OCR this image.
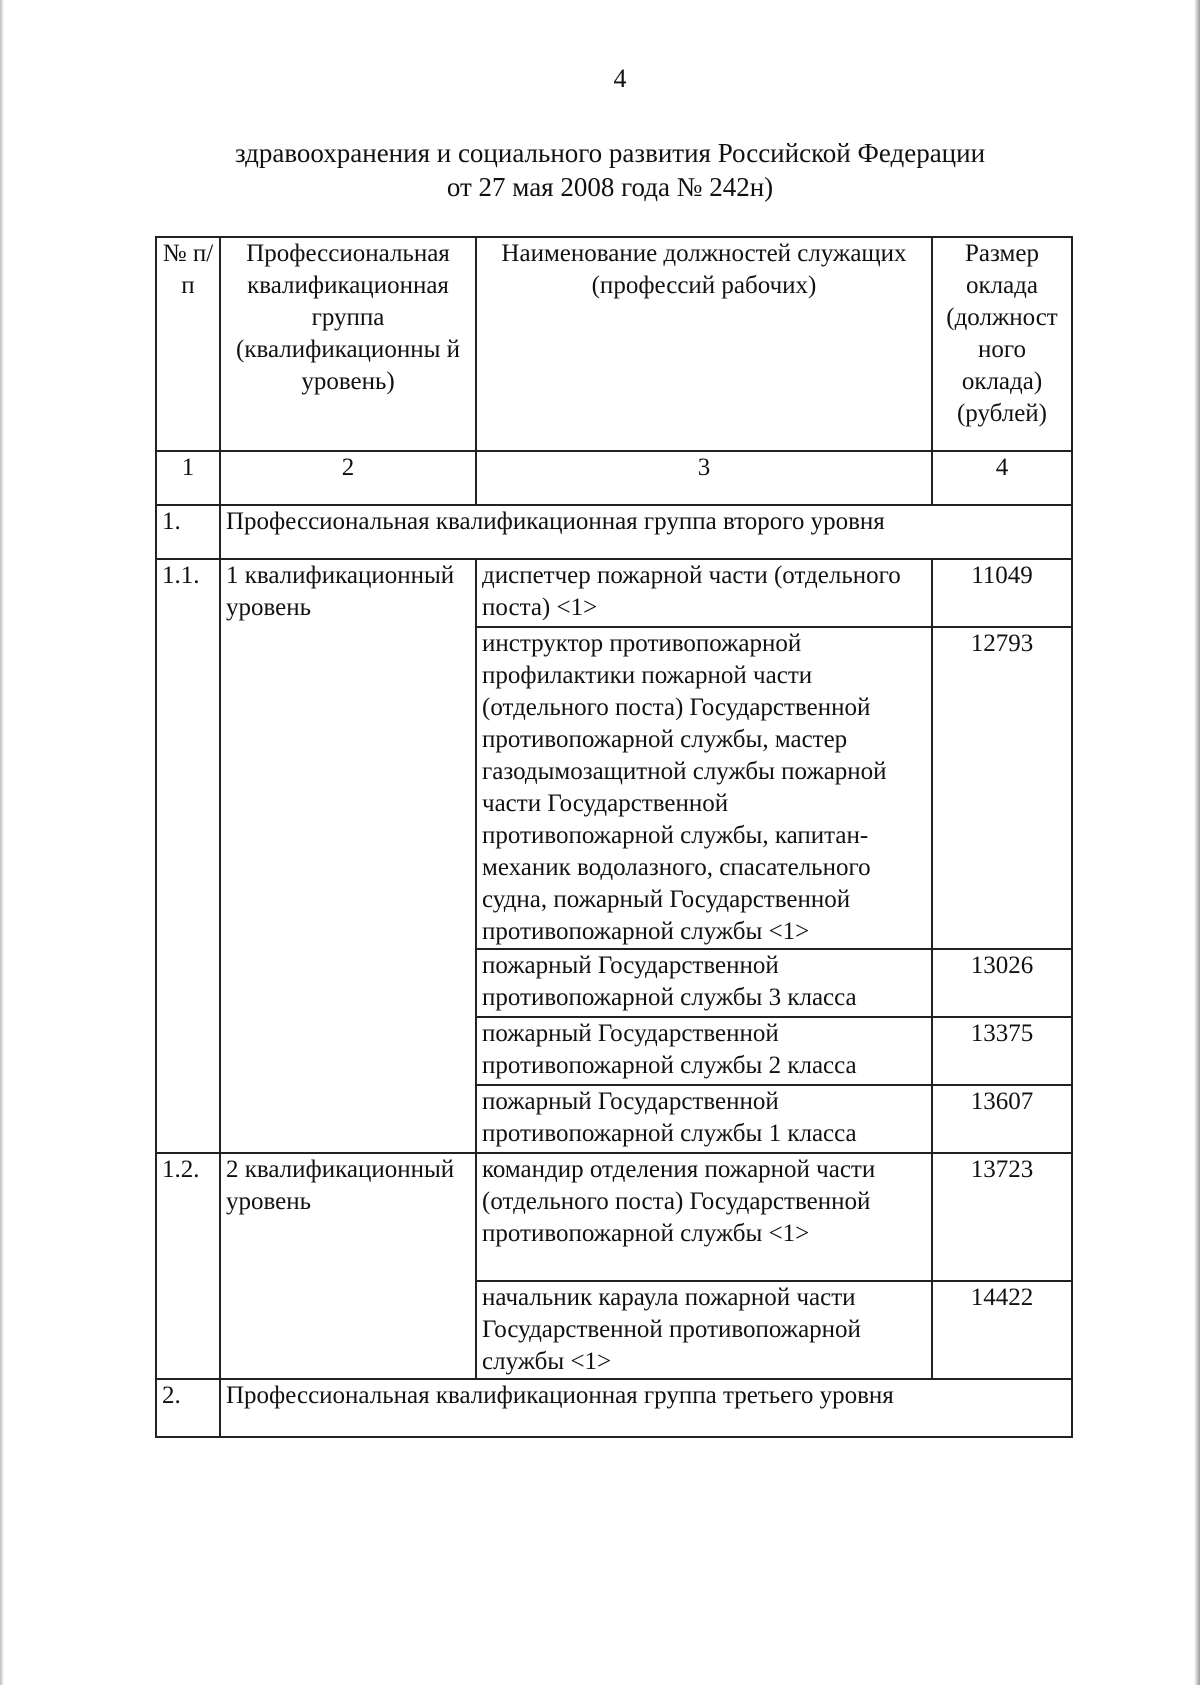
4
здравоохранения и социального развития Российской Федерации
от 27 мая 2008 года № 242н)
№ п/п	Профессиональная квалификационная группа (квалификационны й уровень)	Наименование должностей служащих (профессий рабочих)	Размер оклада (должност ного оклада) (рублей)
1	2	3	4
1.	Профессиональная квалификационная группа второго уровня		
1.1.	1 квалификационный уровень	диспетчер пожарной части (отдельного поста) <1>	11049
		инструктор противопожарной профилактики пожарной части (отдельного поста) Государственной противопожарной службы, мастер газодымозащитной службы пожарной части Государственной противопожарной службы, капитан-механик водолазного, спасательного судна, пожарный Государственной противопожарной службы <1>	12793
		пожарный Государственной противопожарной службы 3 класса	13026
		пожарный Государственной противопожарной службы 2 класса	13375
		пожарный Государственной противопожарной службы 1 класса	13607
1.2.	2 квалификационный уровень	командир отделения пожарной части (отдельного поста) Государственной противопожарной службы <1>	13723
		начальник караула пожарной части Государственной противопожарной службы <1>	14422
2.	Профессиональная квалификационная группа третьего уровня		
